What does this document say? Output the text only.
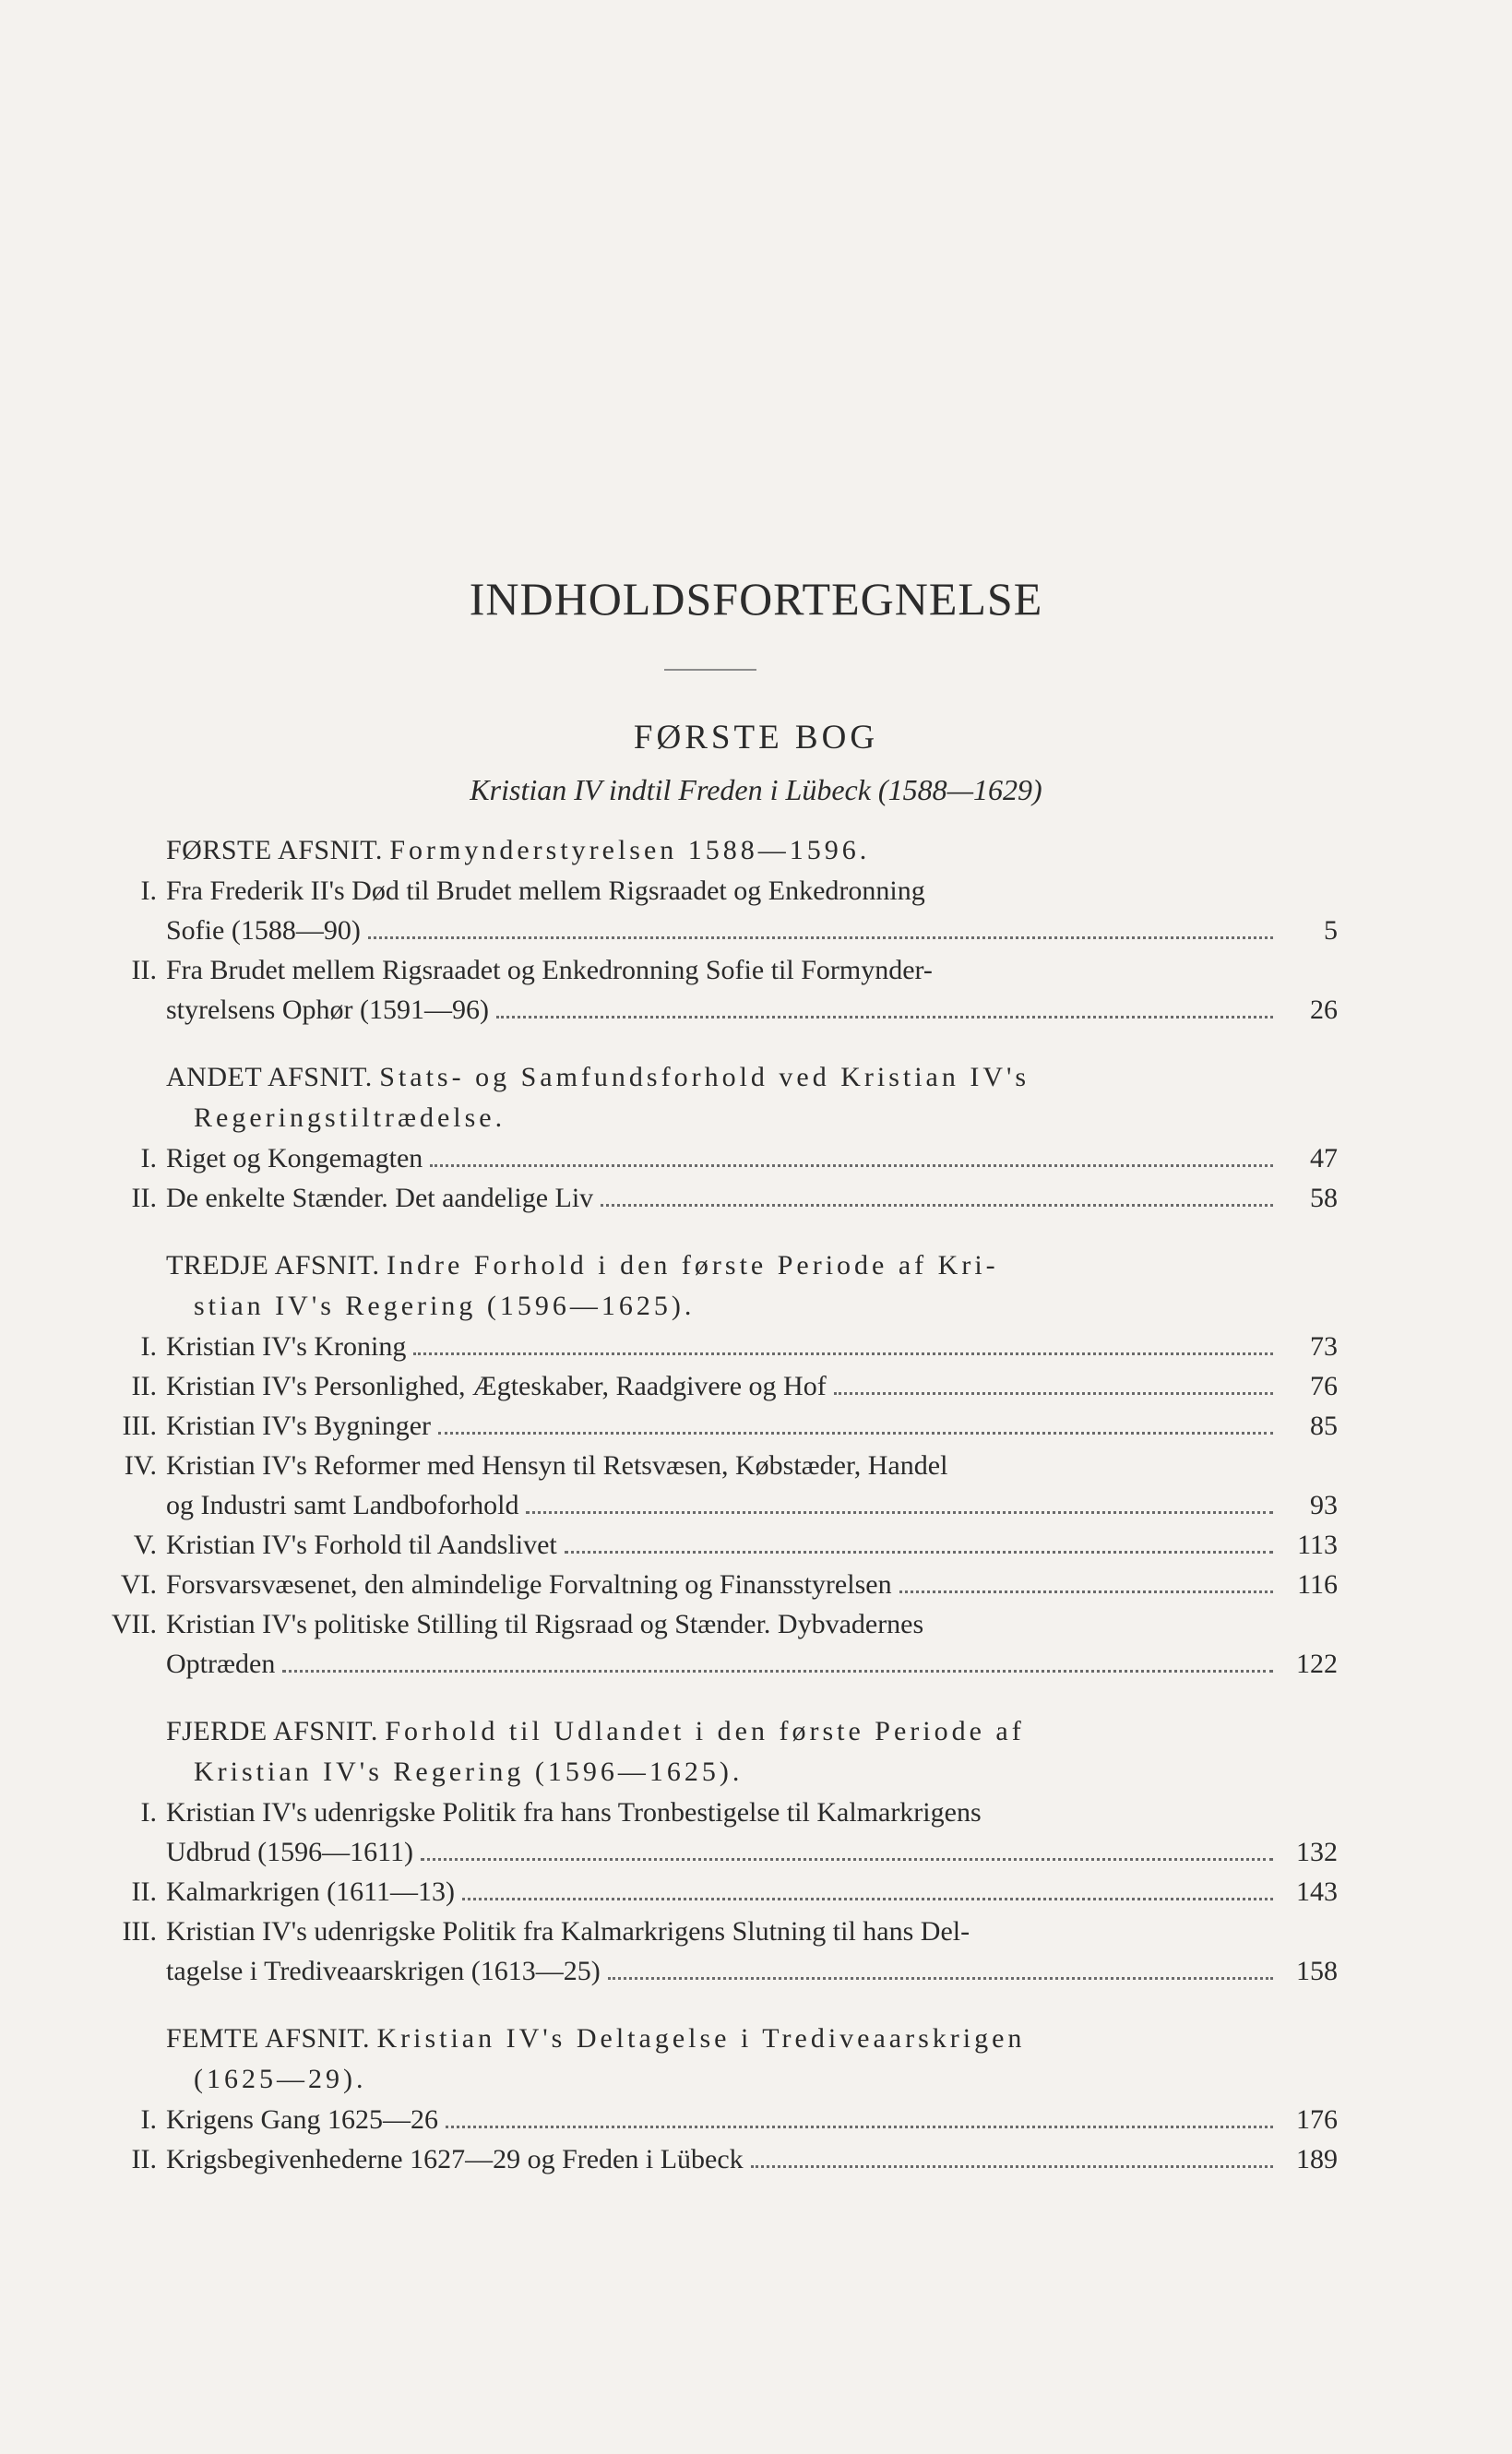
INDHOLDSFORTEGNELSE
FØRSTE BOG
Kristian IV indtil Freden i Lübeck (1588—1629)
FØRSTE AFSNIT. Formynderstyrelsen 1588—1596.
I. Fra Frederik II's Død til Brudet mellem Rigsraadet og Enkedronning
Sofie (1588—90)	5
II. Fra Brudet mellem Rigsraadet og Enkedronning Sofie til Formynder-
styrelsens Ophør (1591—96)	26
ANDET AFSNIT. Stats- og Samfundsforhold ved Kristian IV's
Regeringstiltrædelse.
I. Riget og Kongemagten	47
II. De enkelte Stænder. Det aandelige Liv	58
TREDJE AFSNIT. Indre Forhold i den første Periode af Kri-
stian IV's Regering (1596—1625).
I. Kristian IV's Kroning	73
II. Kristian IV's Personlighed, Ægteskaber, Raadgivere og Hof	76
III. Kristian IV's Bygninger	85
IV. Kristian IV's Reformer med Hensyn til Retsvæsen, Købstæder, Handel
og Industri samt Landboforhold	93
V. Kristian IV's Forhold til Aandslivet	113
VI. Forsvarsvæsenet, den almindelige Forvaltning og Finansstyrelsen	116
VII. Kristian IV's politiske Stilling til Rigsraad og Stænder. Dybvadernes
Optræden	122
FJERDE AFSNIT. Forhold til Udlandet i den første Periode af
Kristian IV's Regering (1596—1625).
I. Kristian IV's udenrigske Politik fra hans Tronbestigelse til Kalmarkrigens
Udbrud (1596—1611)	132
II. Kalmarkrigen (1611—13)	143
III. Kristian IV's udenrigske Politik fra Kalmarkrigens Slutning til hans Del-
tagelse i Trediveaarskrigen (1613—25)	158
FEMTE AFSNIT. Kristian IV's Deltagelse i Trediveaarskrigen
(1625—29).
I. Krigens Gang 1625—26	176
II. Krigsbegivenhederne 1627—29 og Freden i Lübeck	189
